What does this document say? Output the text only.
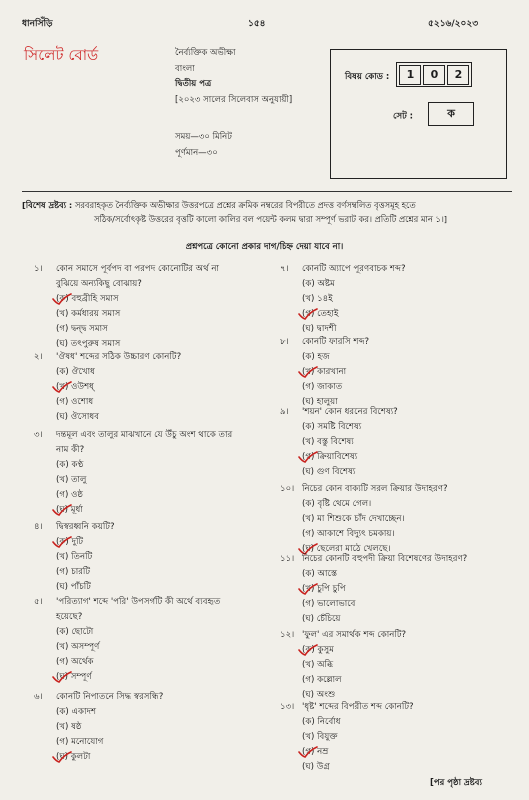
ধানসিঁড়ি	১৫৪	৫২১৬/২০২৩
সিলেট বোর্ড	নৈর্ব্যক্তিক অভীক্ষা
বাংলা
দ্বিতীয় পত্র
[২০২৩ সালের সিলেবাস অনুযায়ী]
সময়—৩০ মিনিট
পূর্ণমান—৩০
বিষয় কোড : 1 0 2
সেট :	ক
[বিশেষ দ্রষ্টব্য : সরবরাহকৃত নৈর্ব্যক্তিক অভীক্ষার উত্তরপত্রে প্রশ্নের ক্রমিক নম্বরের বিপরীতে প্রদত্ত বর্ণসম্বলিত বৃত্তসমূহ হতে
সঠিক/সর্বোৎকৃষ্ট উত্তরের বৃত্তটি কালো কালির বল পয়েন্ট কলম দ্বারা সম্পূর্ণ ভরাট কর। প্রতিটি প্রশ্নের মান ১।]
প্রশ্নপত্রে কোনো প্রকার দাগ/চিহ্ন দেয়া যাবে না।
১। কোন সমাসে পূর্বপদ বা পরপদ কোনোটির অর্থ না
বুঝিয়ে অন্যকিছু বোঝায়?
(ক) বহুব্রীহি সমাস
(খ) কর্মধারয় সমাস
(গ) দ্বন্দ্ব সমাস
(ঘ) তৎপুরুষ সমাস
২। 'ঔষধ' শব্দের সঠিক উচ্চারণ কোনটি?
(ক) ঔখোধ
(খ) ওউশধ্
(গ) ওশোধ
(ঘ) ঔসোধব
৩। দন্তমূল এবং তালুর মাঝখানে যে উঁচু অংশ থাকে তার
নাম কী?
(ক) কণ্ঠ
(খ) তালু
(গ) ওষ্ঠ
(ঘ) মূর্ধা
৪। দ্বিস্বরধ্বনি কয়টি?
(ক) দুটি
(খ) তিনটি
(গ) চারটি
(ঘ) পাঁচটি
৫। 'পরিত্যাগ' শব্দে 'পরি' উপসর্গটি কী অর্থে ব্যবহৃত
হয়েছে?
(ক) ছোটো
(খ) অসম্পূর্ণ
(গ) অর্থেক
(ঘ) সম্পূর্ণ
৬। কোনটি নিপাতনে সিদ্ধ স্বরসন্ধি?
(ক) একাদশ
(খ) ষষ্ঠ
(গ) মনোযোগ
(ঘ) কুলটা
৭। কোনটি অ্যাপে পূরণবাচক শব্দ?
(ক) অষ্টম
(খ) ১৪ই
(গ) তেহাই
(ঘ) দ্বাদশী
৮। কোনটি ফারসি শব্দ?
(ক) হজ
(খ) কারখানা
(গ) জাকাত
(ঘ) হালুয়া
৯। 'শয়ন' কোন ধরনের বিশেষ্য?
(ক) সমষ্টি বিশেষ্য
(খ) বস্তু বিশেষ্য
(গ) ক্রিয়াবিশেষ্য
(ঘ) গুণ বিশেষ্য
১০। নিচের কোন বাক্যটি সরল ক্রিয়ার উদাহরণ?
(ক) বৃষ্টি থেমে গেল।
(খ) মা শিশুকে চাঁদ দেখাচ্ছেন।
(গ) আকাশে বিদ্যুৎ চমকায়।
(ঘ) ছেলেরা মাঠে খেলছে।
১১। নিচের কোনটি বহুপদী ক্রিয়া বিশেষণের উদাহরণ?
(ক) আস্তে
(খ) চুপি চুপি
(গ) ভালোভাবে
(ঘ) চেঁচিয়ে
১২। 'ফুল' এর সমার্থক শব্দ কোনটি?
(ক) কুসুম
(খ) অব্ধি
(গ) কল্লোল
(ঘ) অংশু
১৩। 'ধৃষ্ট' শব্দের বিপরীত শব্দ কোনটি?
(ক) নির্বোধ
(খ) বিযুক্ত
(গ) নম্র
(ঘ) উগ্র
[পর পৃষ্ঠা দ্রষ্টব্য
